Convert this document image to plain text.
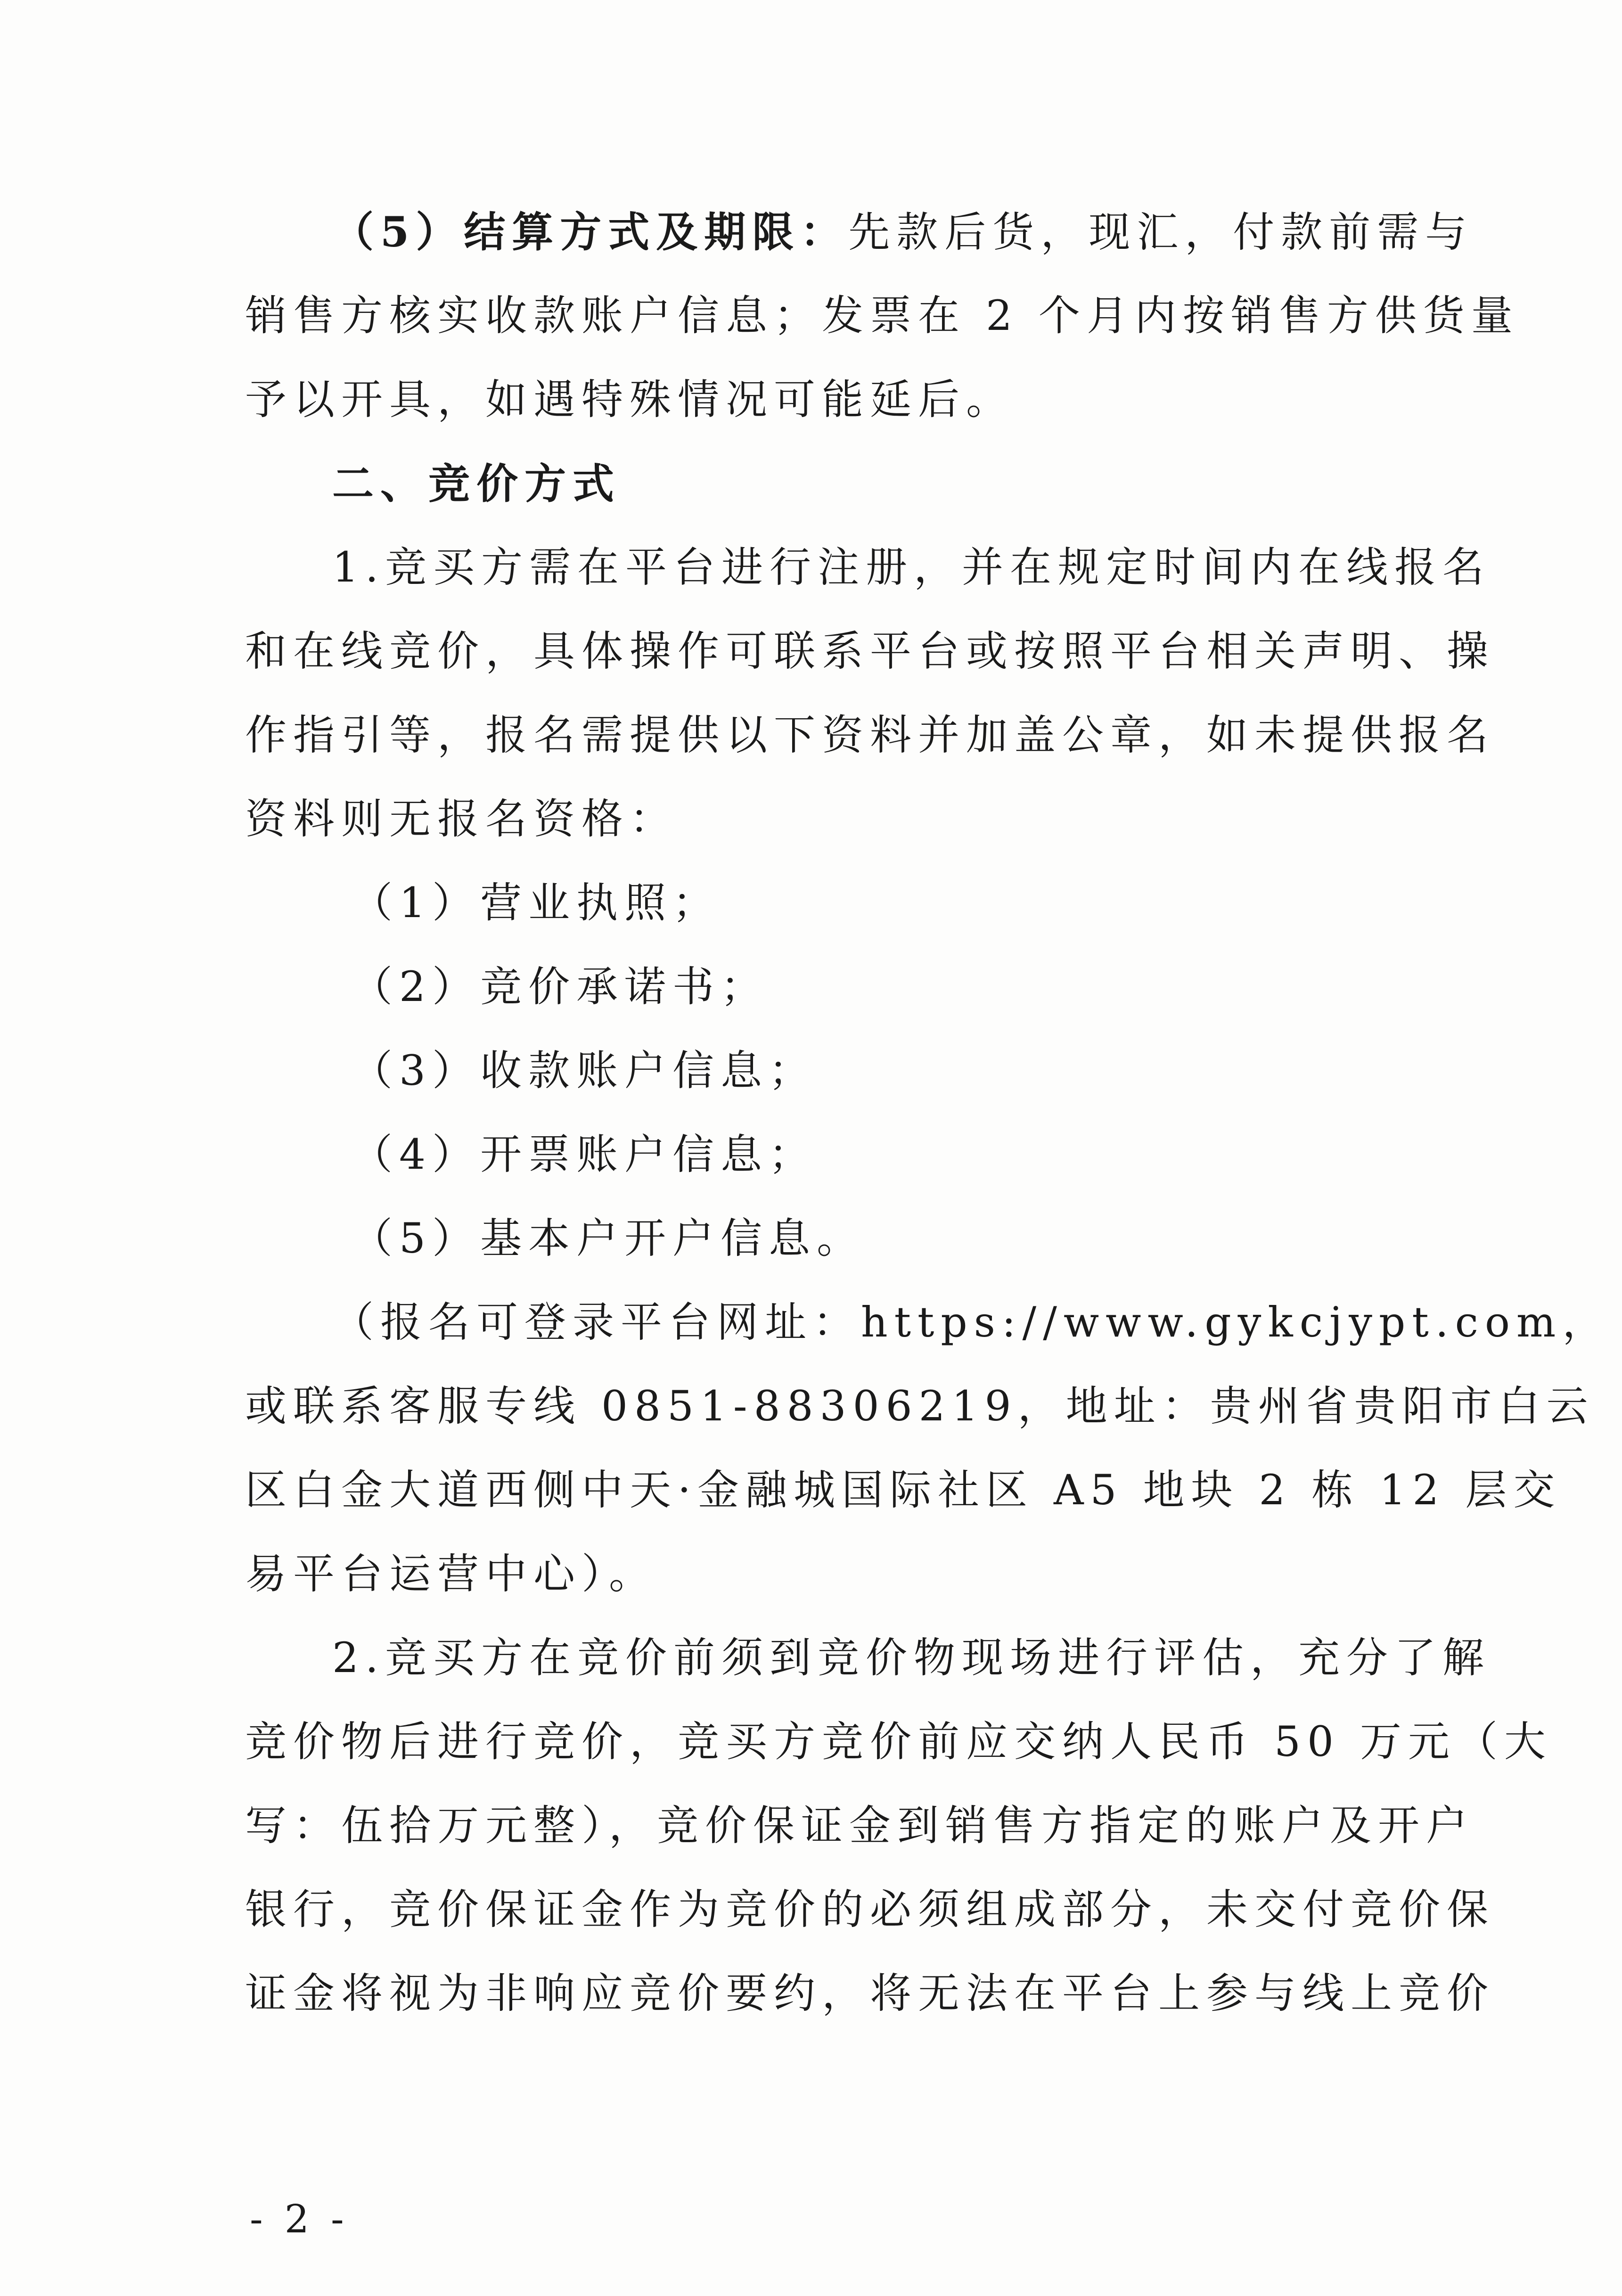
（5）结算方式及期限：先款后货，现汇，付款前需与
销售方核实收款账户信息；发票在 2 个月内按销售方供货量
予以开具，如遇特殊情况可能延后。
二、竞价方式
1.竞买方需在平台进行注册，并在规定时间内在线报名
和在线竞价，具体操作可联系平台或按照平台相关声明、操
作指引等，报名需提供以下资料并加盖公章，如未提供报名
资料则无报名资格：
（1）营业执照；
（2）竞价承诺书；
（3）收款账户信息；
（4）开票账户信息；
（5）基本户开户信息。
（报名可登录平台网址：https://www.gykcjypt.com，
或联系客服专线 0851-88306219，地址：贵州省贵阳市白云
区白金大道西侧中天·金融城国际社区 A5 地块 2 栋 12 层交
易平台运营中心）。
2.竞买方在竞价前须到竞价物现场进行评估，充分了解
竞价物后进行竞价，竞买方竞价前应交纳人民币 50 万元（大
写：伍拾万元整），竞价保证金到销售方指定的账户及开户
银行，竞价保证金作为竞价的必须组成部分，未交付竞价保
证金将视为非响应竞价要约，将无法在平台上参与线上竞价
- 2 -
